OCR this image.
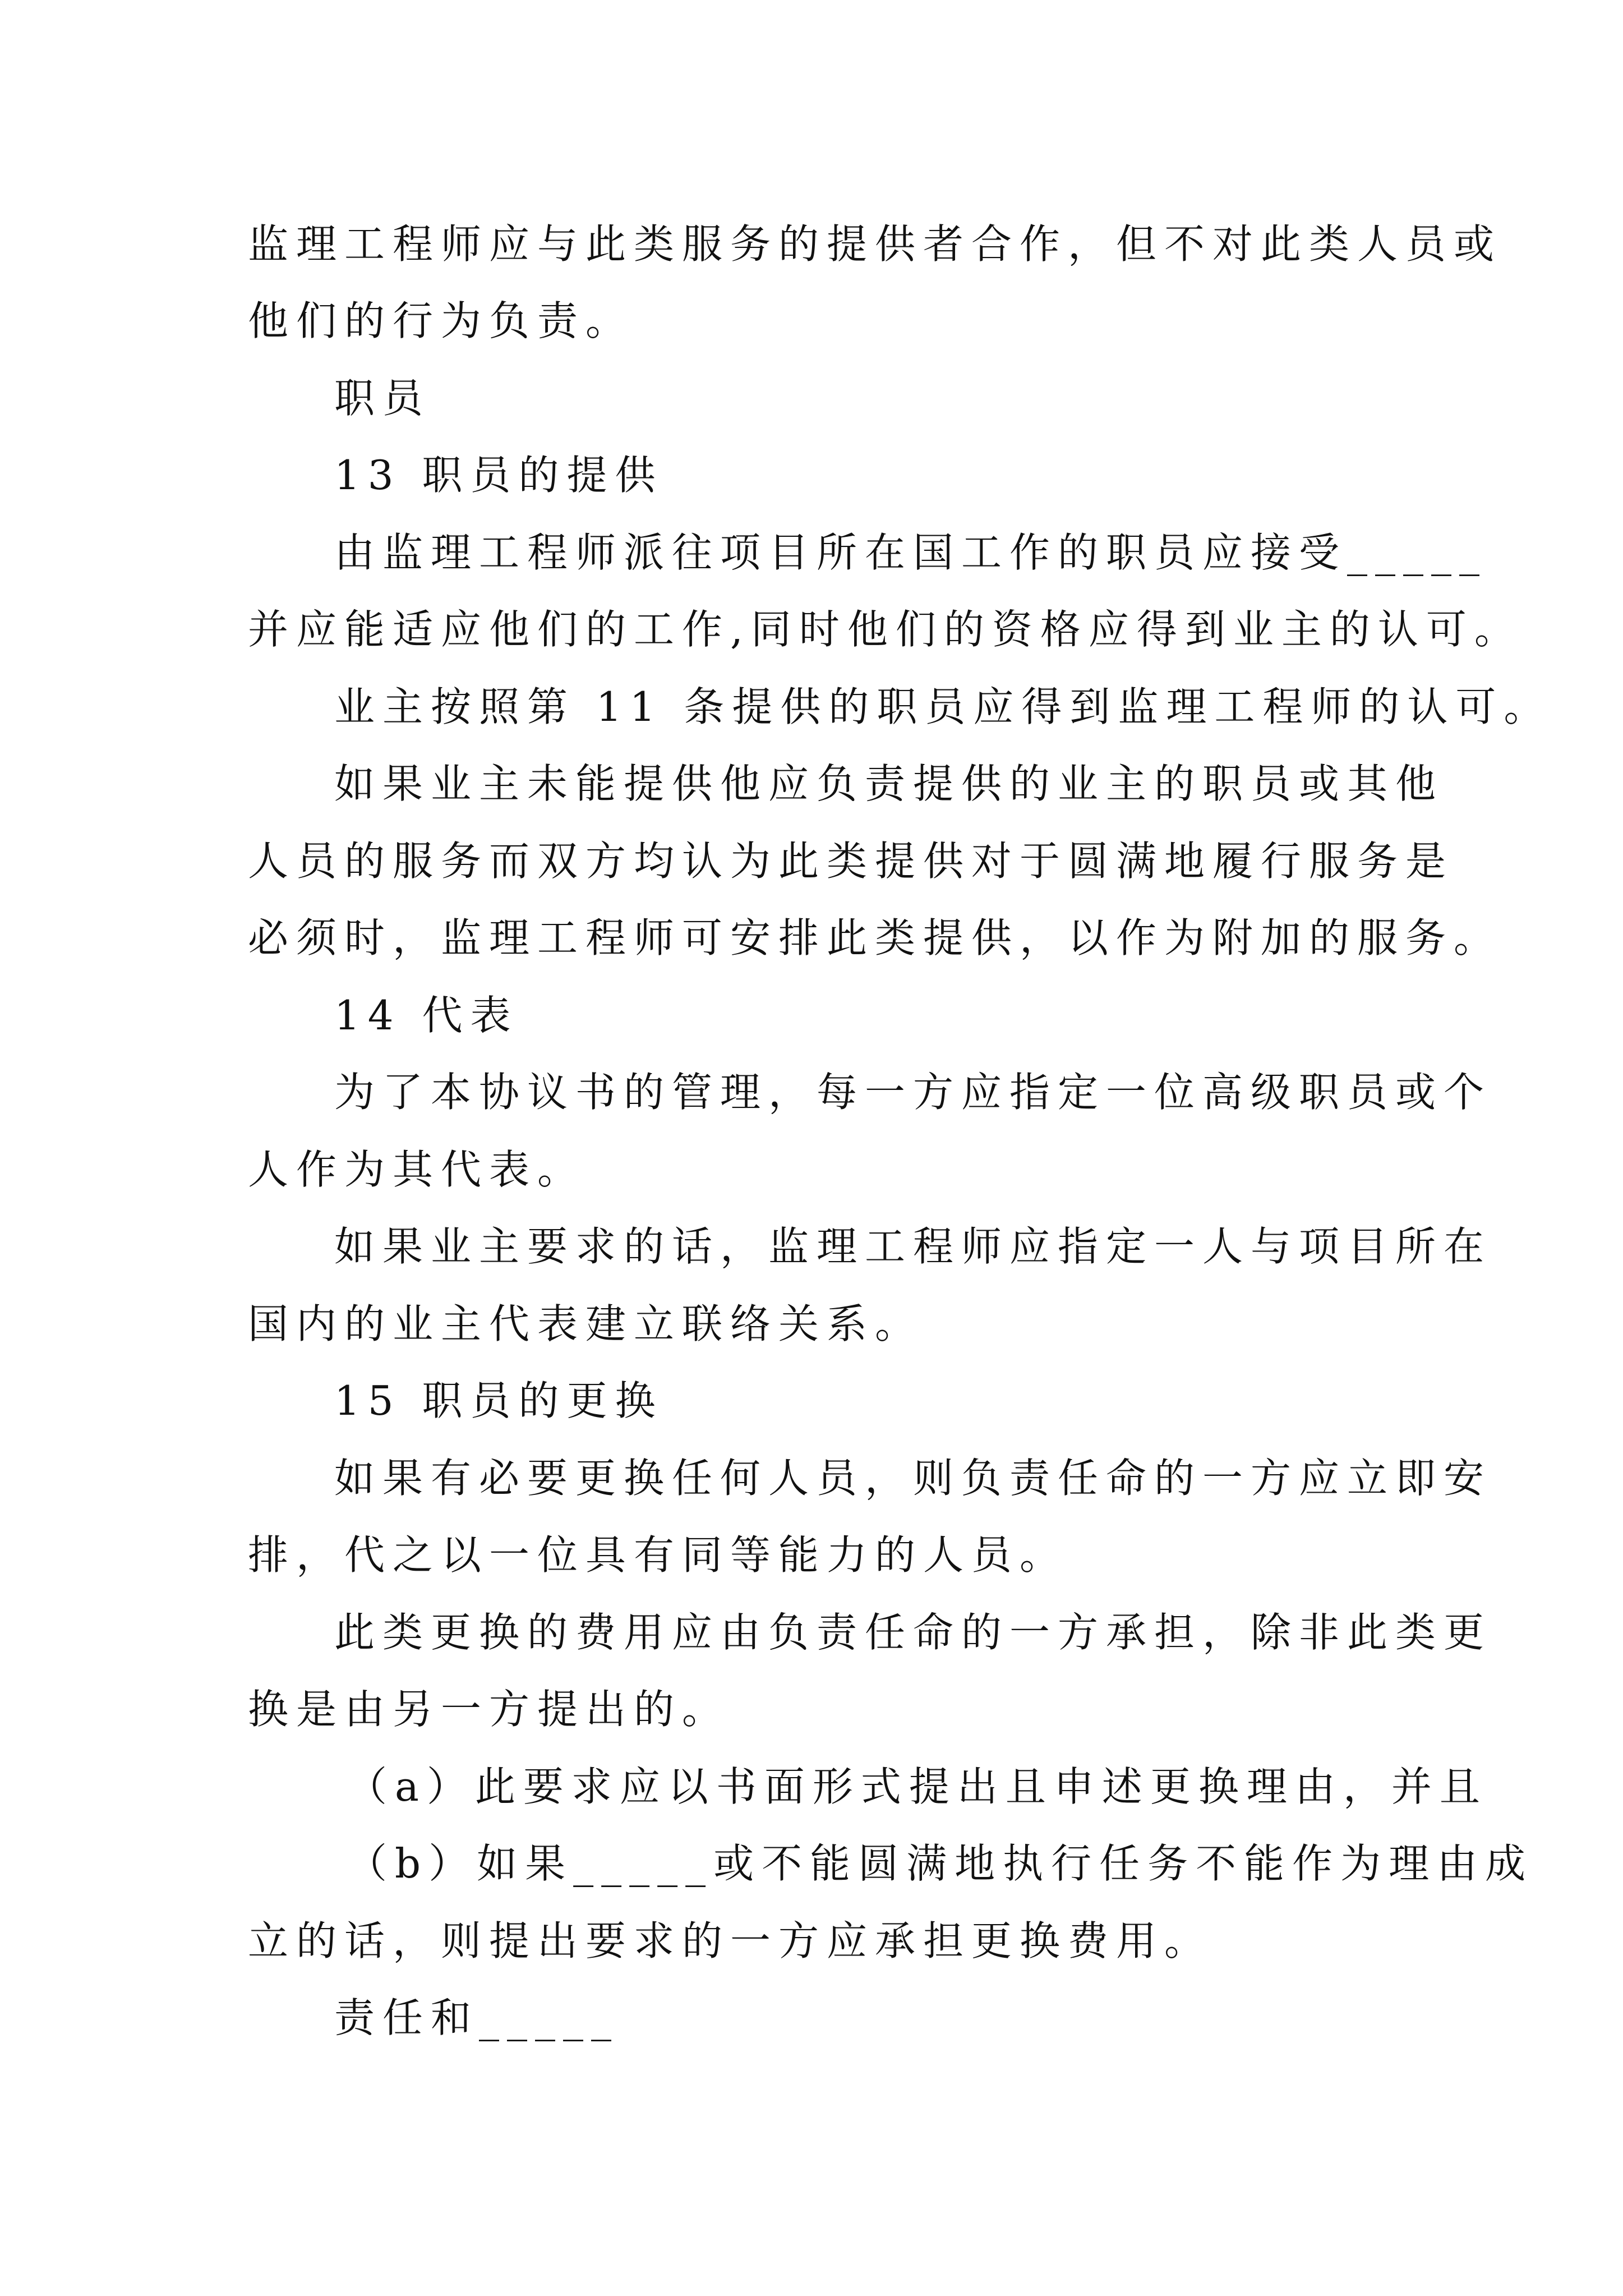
监理工程师应与此类服务的提供者合作，但不对此类人员或

他们的行为负责。

职员

13 职员的提供

由监理工程师派往项目所在国工作的职员应接受_____

并应能适应他们的工作,同时他们的资格应得到业主的认可。

业主按照第 11 条提供的职员应得到监理工程师的认可。

如果业主未能提供他应负责提供的业主的职员或其他

人员的服务而双方均认为此类提供对于圆满地履行服务是

必须时，监理工程师可安排此类提供，以作为附加的服务。

14 代表

为了本协议书的管理，每一方应指定一位高级职员或个

人作为其代表。

如果业主要求的话，监理工程师应指定一人与项目所在

国内的业主代表建立联络关系。

15 职员的更换

如果有必要更换任何人员，则负责任命的一方应立即安

排，代之以一位具有同等能力的人员。

此类更换的费用应由负责任命的一方承担，除非此类更

换是由另一方提出的。

（a）此要求应以书面形式提出且申述更换理由，并且

（b）如果_____或不能圆满地执行任务不能作为理由成

立的话，则提出要求的一方应承担更换费用。

责任和_____
